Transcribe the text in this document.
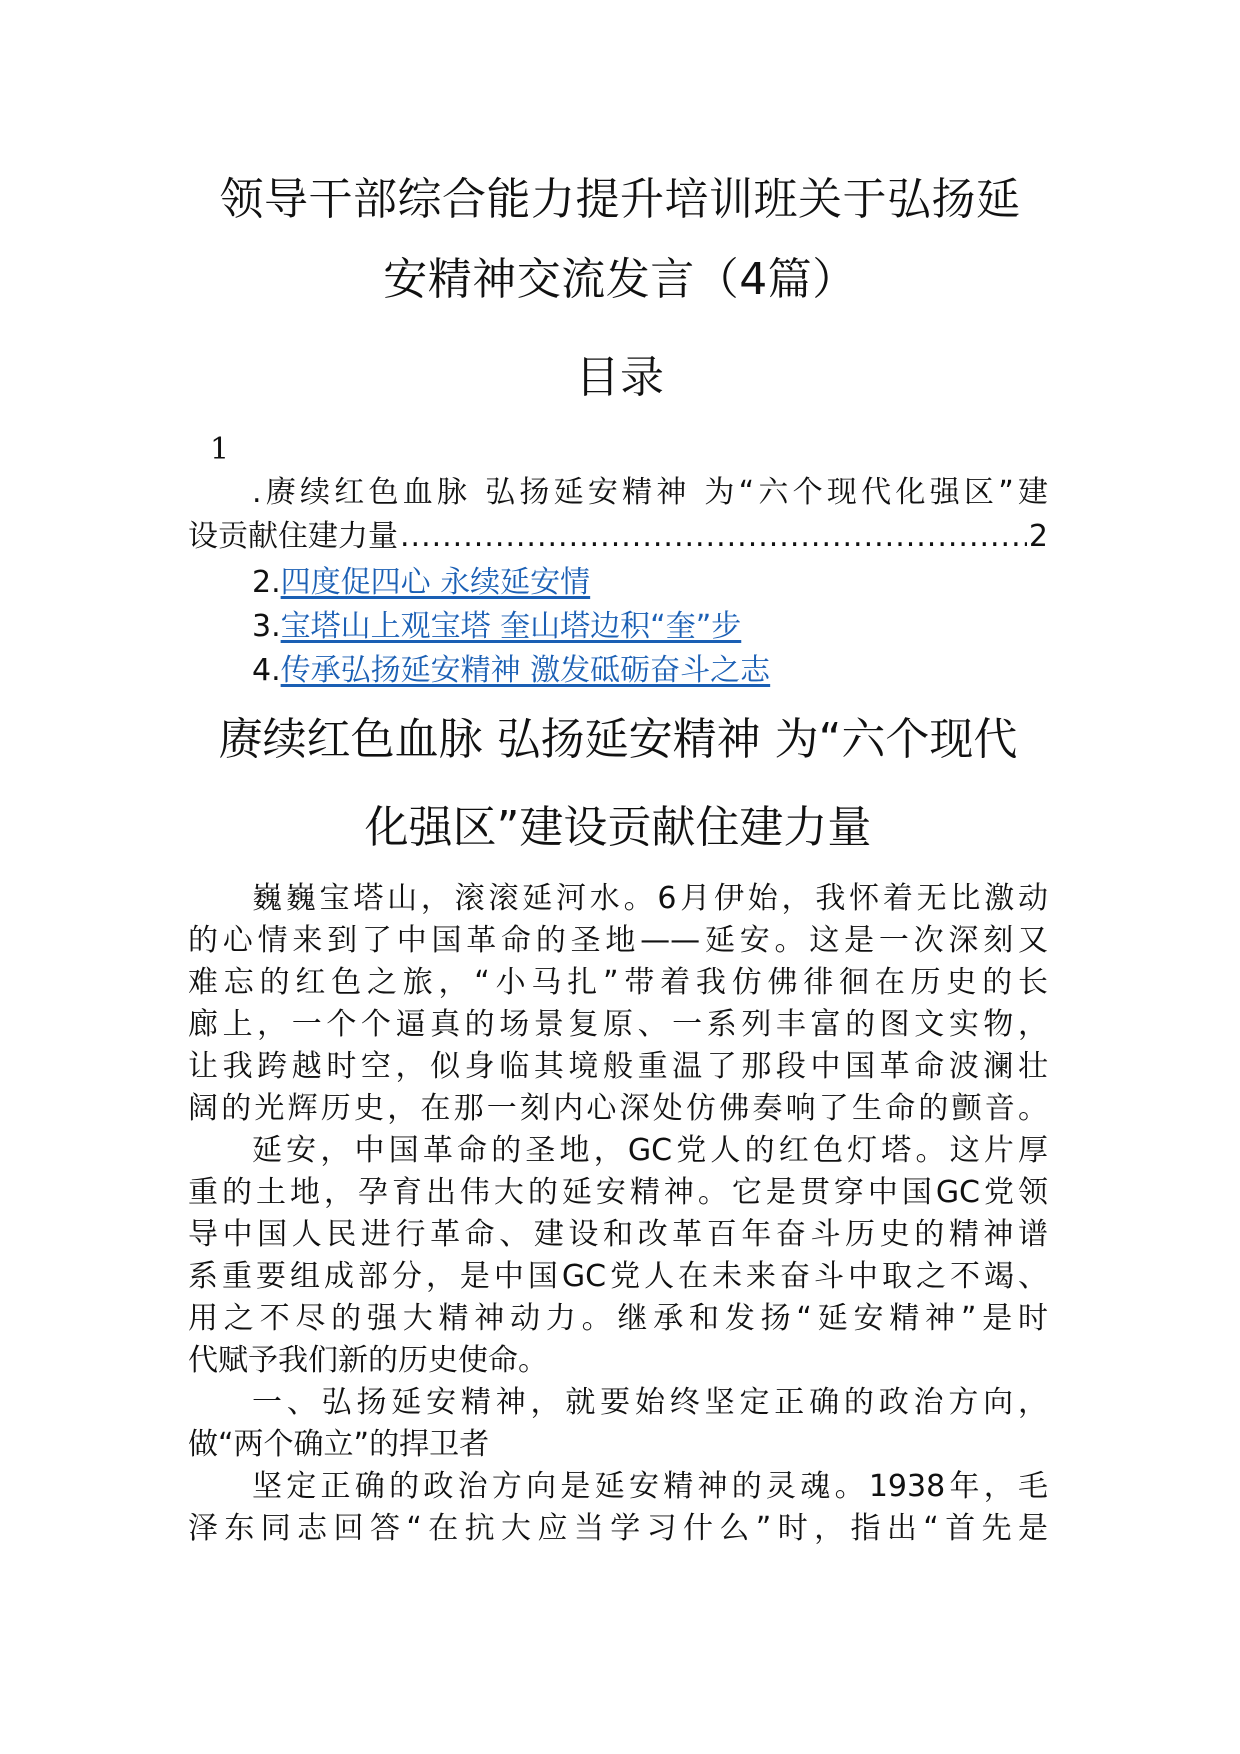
领导干部综合能力提升培训班关于弘扬延
安精神交流发言（4篇）
目录
1
.赓续红色血脉 弘扬延安精神 为“六个现代化强区”建
设贡献住建力量
.....	2
2.四度促四心 永续延安情
3.宝塔山上观宝塔 奎山塔边积“奎”步
4.传承弘扬延安精神 激发砥砺奋斗之志
赓续红色血脉 弘扬延安精神 为“六个现代
化强区”建设贡献住建力量
巍巍宝塔山，滚滚延河水。6月伊始，我怀着无比激动
的心情来到了中国革命的圣地——延安。这是一次深刻又
难忘的红色之旅，“小马扎”带着我仿佛徘徊在历史的长
廊上，一个个逼真的场景复原、一系列丰富的图文实物，
让我跨越时空，似身临其境般重温了那段中国革命波澜壮
阔的光辉历史，在那一刻内心深处仿佛奏响了生命的颤音。
延安，中国革命的圣地，GC党人的红色灯塔。这片厚
重的土地，孕育出伟大的延安精神。它是贯穿中国GC党领
导中国人民进行革命、建设和改革百年奋斗历史的精神谱
系重要组成部分，是中国GC党人在未来奋斗中取之不竭、
用之不尽的强大精神动力。继承和发扬“延安精神”是时
代赋予我们新的历史使命。
一、弘扬延安精神，就要始终坚定正确的政治方向，
做“两个确立”的捍卫者
坚定正确的政治方向是延安精神的灵魂。1938年，毛
泽东同志回答“在抗大应当学习什么”时，指出“首先是
